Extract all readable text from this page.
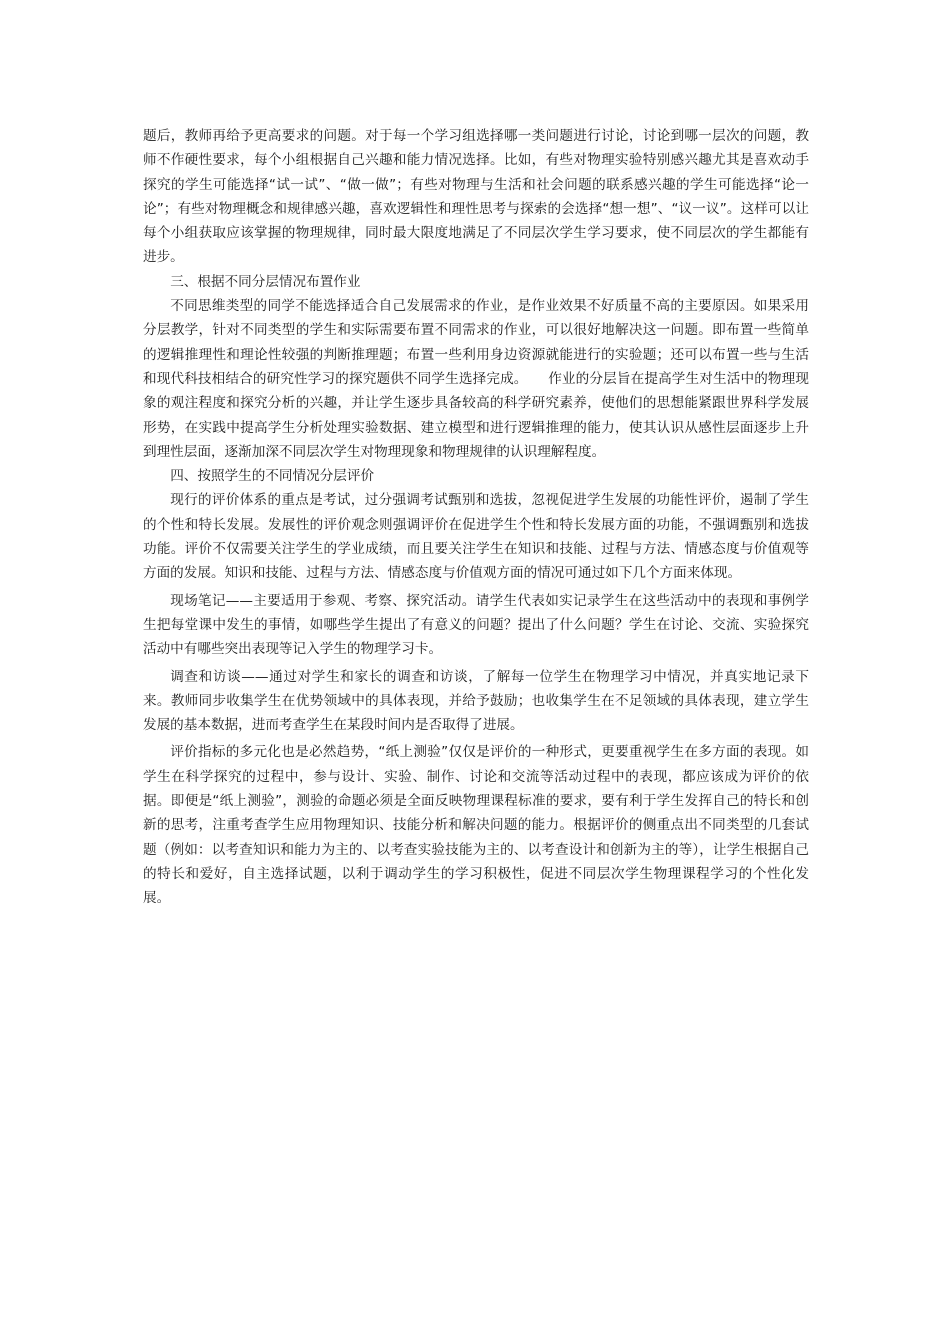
题后，教师再给予更高要求的问题。对于每一个学习组选择哪一类问题进行讨论，讨论到哪一层次的问题，教师不作硬性要求，每个小组根据自己兴趣和能力情况选择。比如，有些对物理实验特别感兴趣尤其是喜欢动手探究的学生可能选择“试一试”、“做一做”；有些对物理与生活和社会问题的联系感兴趣的学生可能选择“论一论”；有些对物理概念和规律感兴趣，喜欢逻辑性和理性思考与探索的会选择“想一想”、“议一议”。这样可以让每个小组获取应该掌握的物理规律，同时最大限度地满足了不同层次学生学习要求，使不同层次的学生都能有进步。

三、根据不同分层情况布置作业

不同思维类型的同学不能选择适合自己发展需求的作业，是作业效果不好质量不高的主要原因。如果采用分层教学，针对不同类型的学生和实际需要布置不同需求的作业，可以很好地解决这一问题。即布置一些简单的逻辑推理性和理论性较强的判断推理题；布置一些利用身边资源就能进行的实验题；还可以布置一些与生活和现代科技相结合的研究性学习的探究题供不同学生选择完成。　　作业的分层旨在提高学生对生活中的物理现象的观注程度和探究分析的兴趣，并让学生逐步具备较高的科学研究素养，使他们的思想能紧跟世界科学发展形势，在实践中提高学生分析处理实验数据、建立模型和进行逻辑推理的能力，使其认识从感性层面逐步上升到理性层面，逐渐加深不同层次学生对物理现象和物理规律的认识理解程度。

四、按照学生的不同情况分层评价

现行的评价体系的重点是考试，过分强调考试甄别和选拔，忽视促进学生发展的功能性评价，遏制了学生的个性和特长发展。发展性的评价观念则强调评价在促进学生个性和特长发展方面的功能，不强调甄别和选拔功能。评价不仅需要关注学生的学业成绩，而且要关注学生在知识和技能、过程与方法、情感态度与价值观等方面的发展。知识和技能、过程与方法、情感态度与价值观方面的情况可通过如下几个方面来体现。

现场笔记——主要适用于参观、考察、探究活动。请学生代表如实记录学生在这些活动中的表现和事例学生把每堂课中发生的事情，如哪些学生提出了有意义的问题？提出了什么问题？学生在讨论、交流、实验探究活动中有哪些突出表现等记入学生的物理学习卡。

调查和访谈——通过对学生和家长的调查和访谈，了解每一位学生在物理学习中情况，并真实地记录下来。教师同步收集学生在优势领域中的具体表现，并给予鼓励；也收集学生在不足领域的具体表现，建立学生发展的基本数据，进而考查学生在某段时间内是否取得了进展。

评价指标的多元化也是必然趋势，“纸上测验”仅仅是评价的一种形式，更要重视学生在多方面的表现。如学生在科学探究的过程中，参与设计、实验、制作、讨论和交流等活动过程中的表现，都应该成为评价的依据。即便是“纸上测验”，测验的命题必须是全面反映物理课程标准的要求，要有利于学生发挥自己的特长和创新的思考，注重考查学生应用物理知识、技能分析和解决问题的能力。根据评价的侧重点出不同类型的几套试题（例如：以考查知识和能力为主的、以考查实验技能为主的、以考查设计和创新为主的等），让学生根据自己的特长和爱好，自主选择试题，以利于调动学生的学习积极性，促进不同层次学生物理课程学习的个性化发展。
